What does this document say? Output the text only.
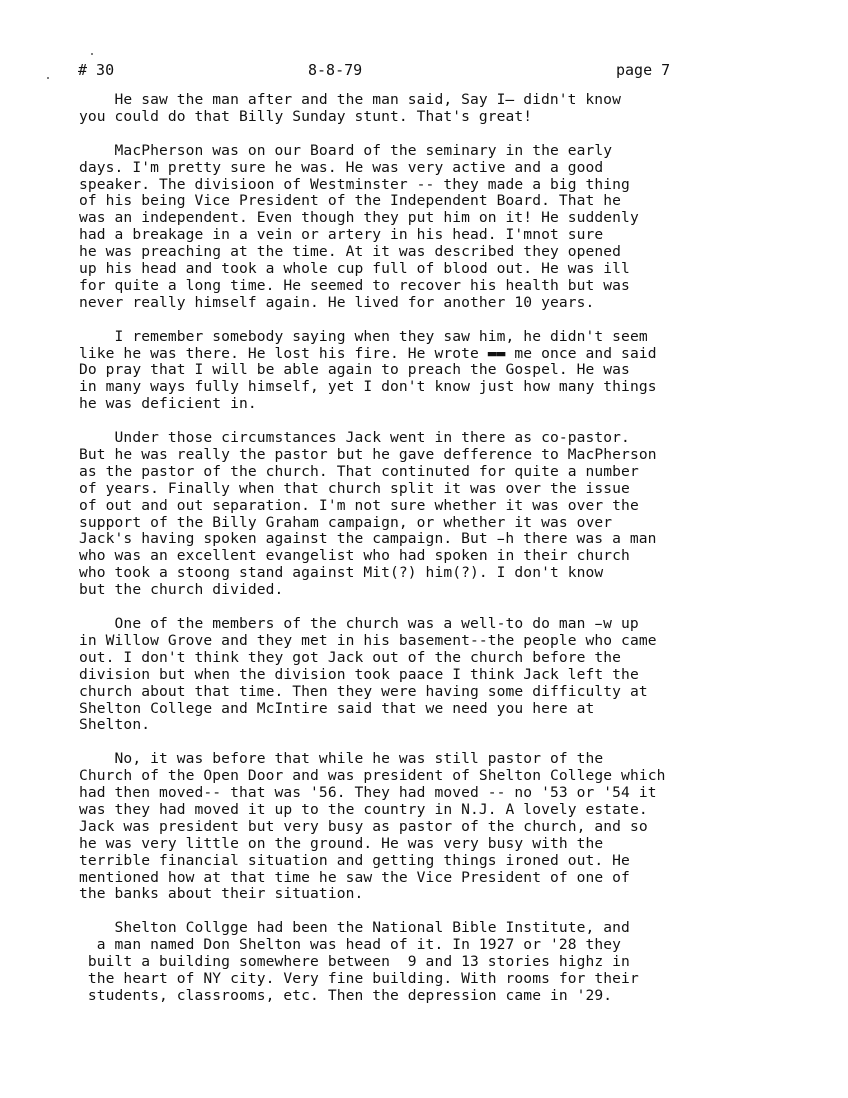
# 30	8-8-79	page 7
He saw the man after and the man said, Say I̶ didn't know
you could do that Billy Sunday stunt. That's great!
MacPherson was on our Board of the seminary in the early
days. I'm pretty sure he was. He was very active and a good
speaker. The divisioon of Westminster -- they made a big thing
of his being Vice President of the Independent Board. That he
was an independent. Even though they put him on it! He suddenly
had a breakage in a vein or artery in his head. I'mnot sure
he was preaching at the time. At it was described they opened
up his head and took a whole cup full of blood out. He was ill
for quite a long time. He seemed to recover his health but was
never really himself again. He lived for another 10 years.
I remember somebody saying when they saw him, he didn't seem
like he was there. He lost his fire. He wrote ▬▬ me once and said
Do pray that I will be able again to preach the Gospel. He was
in many ways fully himself, yet I don't know just how many things
he was deficient in.
Under those circumstances Jack went in there as co-pastor.
But he was really the pastor but he gave defference to MacPherson
as the pastor of the church. That continuted for quite a number
of years. Finally when that church split it was over the issue
of out and out separation. I'm not sure whether it was over the
support of the Billy Graham campaign, or whether it was over
Jack's having spoken against the campaign. But ̵h there was a man
who was an excellent evangelist who had spoken in their church
who took a stoong stand against Mit(?) him(?). I don't know
but the church divided.
One of the members of the church was a well-to do man ̵w up
in Willow Grove and they met in his basement--the people who came
out. I don't think they got Jack out of the church before the
division but when the division took paace I think Jack left the
church about that time. Then they were having some difficulty at
Shelton College and McIntire said that we need you here at
Shelton.
No, it was before that while he was still pastor of the
Church of the Open Door and was president of Shelton College which
had then moved-- that was '56. They had moved -- no '53 or '54 it
was they had moved it up to the country in N.J. A lovely estate.
Jack was president but very busy as pastor of the church, and so
he was very little on the ground. He was very busy with the
terrible financial situation and getting things ironed out. He
mentioned how at that time he saw the Vice President of one of
the banks about their situation.
Shelton Collgge had been the National Bible Institute, and
a man named Don Shelton was head of it. In 1927 or '28 they
built a building somewhere between  9 and 13 stories highz in
the heart of NY city. Very fine building. With rooms for their
students, classrooms, etc. Then the depression came in '29.
